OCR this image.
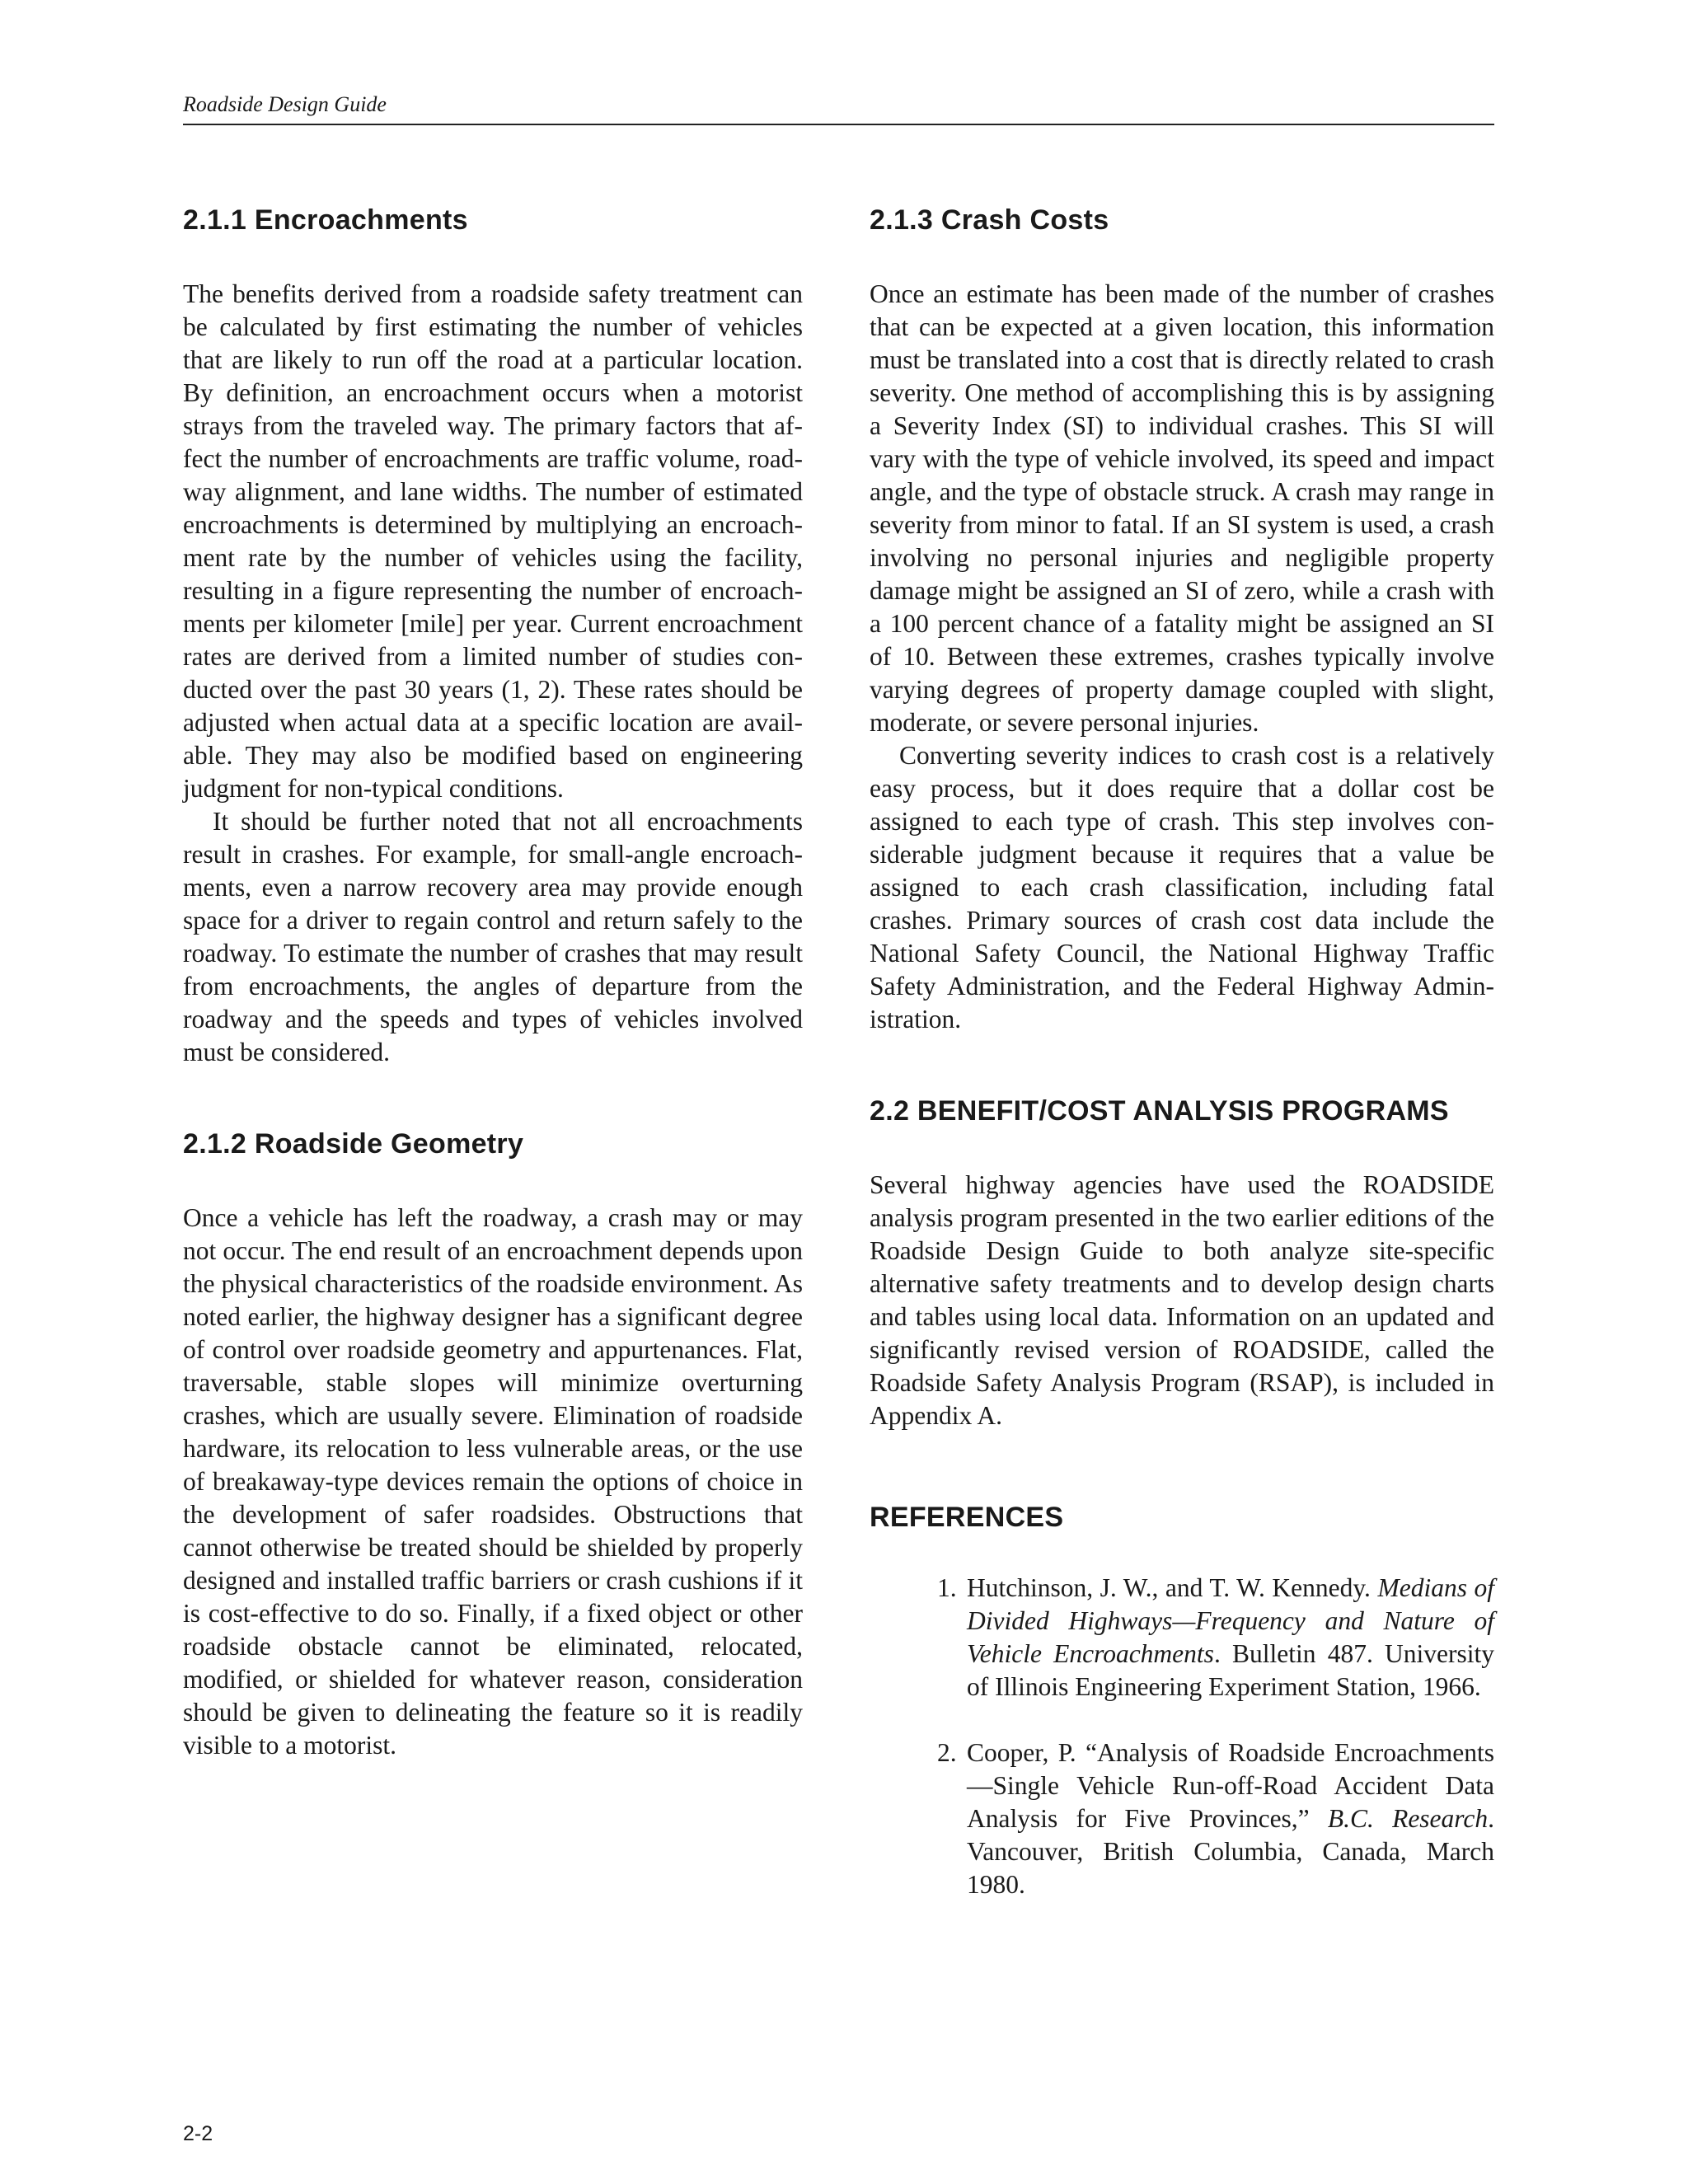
Roadside Design Guide
2.1.1 Encroachments

The benefits derived from a roadside safety treatment can be calculated by first estimating the number of vehicles that are likely to run off the road at a particular location. By definition, an encroachment occurs when a motorist strays from the traveled way. The primary factors that affect the number of encroachments are traffic volume, roadway alignment, and lane widths. The number of estimated encroachments is determined by multiplying an encroachment rate by the number of vehicles using the facility, resulting in a figure representing the number of encroachments per kilometer [mile] per year. Current encroachment rates are derived from a limited number of studies conducted over the past 30 years (1, 2). These rates should be adjusted when actual data at a specific location are available. They may also be modified based on engineering judgment for non-typical conditions.

It should be further noted that not all encroachments result in crashes. For example, for small-angle encroachments, even a narrow recovery area may provide enough space for a driver to regain control and return safely to the roadway. To estimate the number of crashes that may result from encroachments, the angles of departure from the roadway and the speeds and types of vehicles involved must be considered.

2.1.2 Roadside Geometry

Once a vehicle has left the roadway, a crash may or may not occur. The end result of an encroachment depends upon the physical characteristics of the roadside environment. As noted earlier, the highway designer has a significant degree of control over roadside geometry and appurtenances. Flat, traversable, stable slopes will minimize overturning crashes, which are usually severe. Elimination of roadside hardware, its relocation to less vulnerable areas, or the use of breakaway-type devices remain the options of choice in the development of safer roadsides. Obstructions that cannot otherwise be treated should be shielded by properly designed and installed traffic barriers or crash cushions if it is cost-effective to do so. Finally, if a fixed object or other roadside obstacle cannot be eliminated, relocated, modified, or shielded for whatever reason, consideration should be given to delineating the feature so it is readily visible to a motorist.

2.1.3 Crash Costs

Once an estimate has been made of the number of crashes that can be expected at a given location, this information must be translated into a cost that is directly related to crash severity. One method of accomplishing this is by assigning a Severity Index (SI) to individual crashes. This SI will vary with the type of vehicle involved, its speed and impact angle, and the type of obstacle struck. A crash may range in severity from minor to fatal. If an SI system is used, a crash involving no personal injuries and negligible property damage might be assigned an SI of zero, while a crash with a 100 percent chance of a fatality might be assigned an SI of 10. Between these extremes, crashes typically involve varying degrees of property damage coupled with slight, moderate, or severe personal injuries.

Converting severity indices to crash cost is a relatively easy process, but it does require that a dollar cost be assigned to each type of crash. This step involves considerable judgment because it requires that a value be assigned to each crash classification, including fatal crashes. Primary sources of crash cost data include the National Safety Council, the National Highway Traffic Safety Administration, and the Federal Highway Administration.

2.2 BENEFIT/COST ANALYSIS PROGRAMS

Several highway agencies have used the ROADSIDE analysis program presented in the two earlier editions of the Roadside Design Guide to both analyze site-specific alternative safety treatments and to develop design charts and tables using local data. Information on an updated and significantly revised version of ROADSIDE, called the Roadside Safety Analysis Program (RSAP), is included in Appendix A.

REFERENCES
1. Hutchinson, J. W., and T. W. Kennedy. Medians of Divided Highways—Frequency and Nature of Vehicle Encroachments. Bulletin 487. University of Illinois Engineering Experiment Station, 1966.

2. Cooper, P. “Analysis of Roadside Encroachments—Single Vehicle Run-off-Road Accident Data Analysis for Five Provinces,” B.C. Research. Vancouver, British Columbia, Canada, March 1980.

2-2
